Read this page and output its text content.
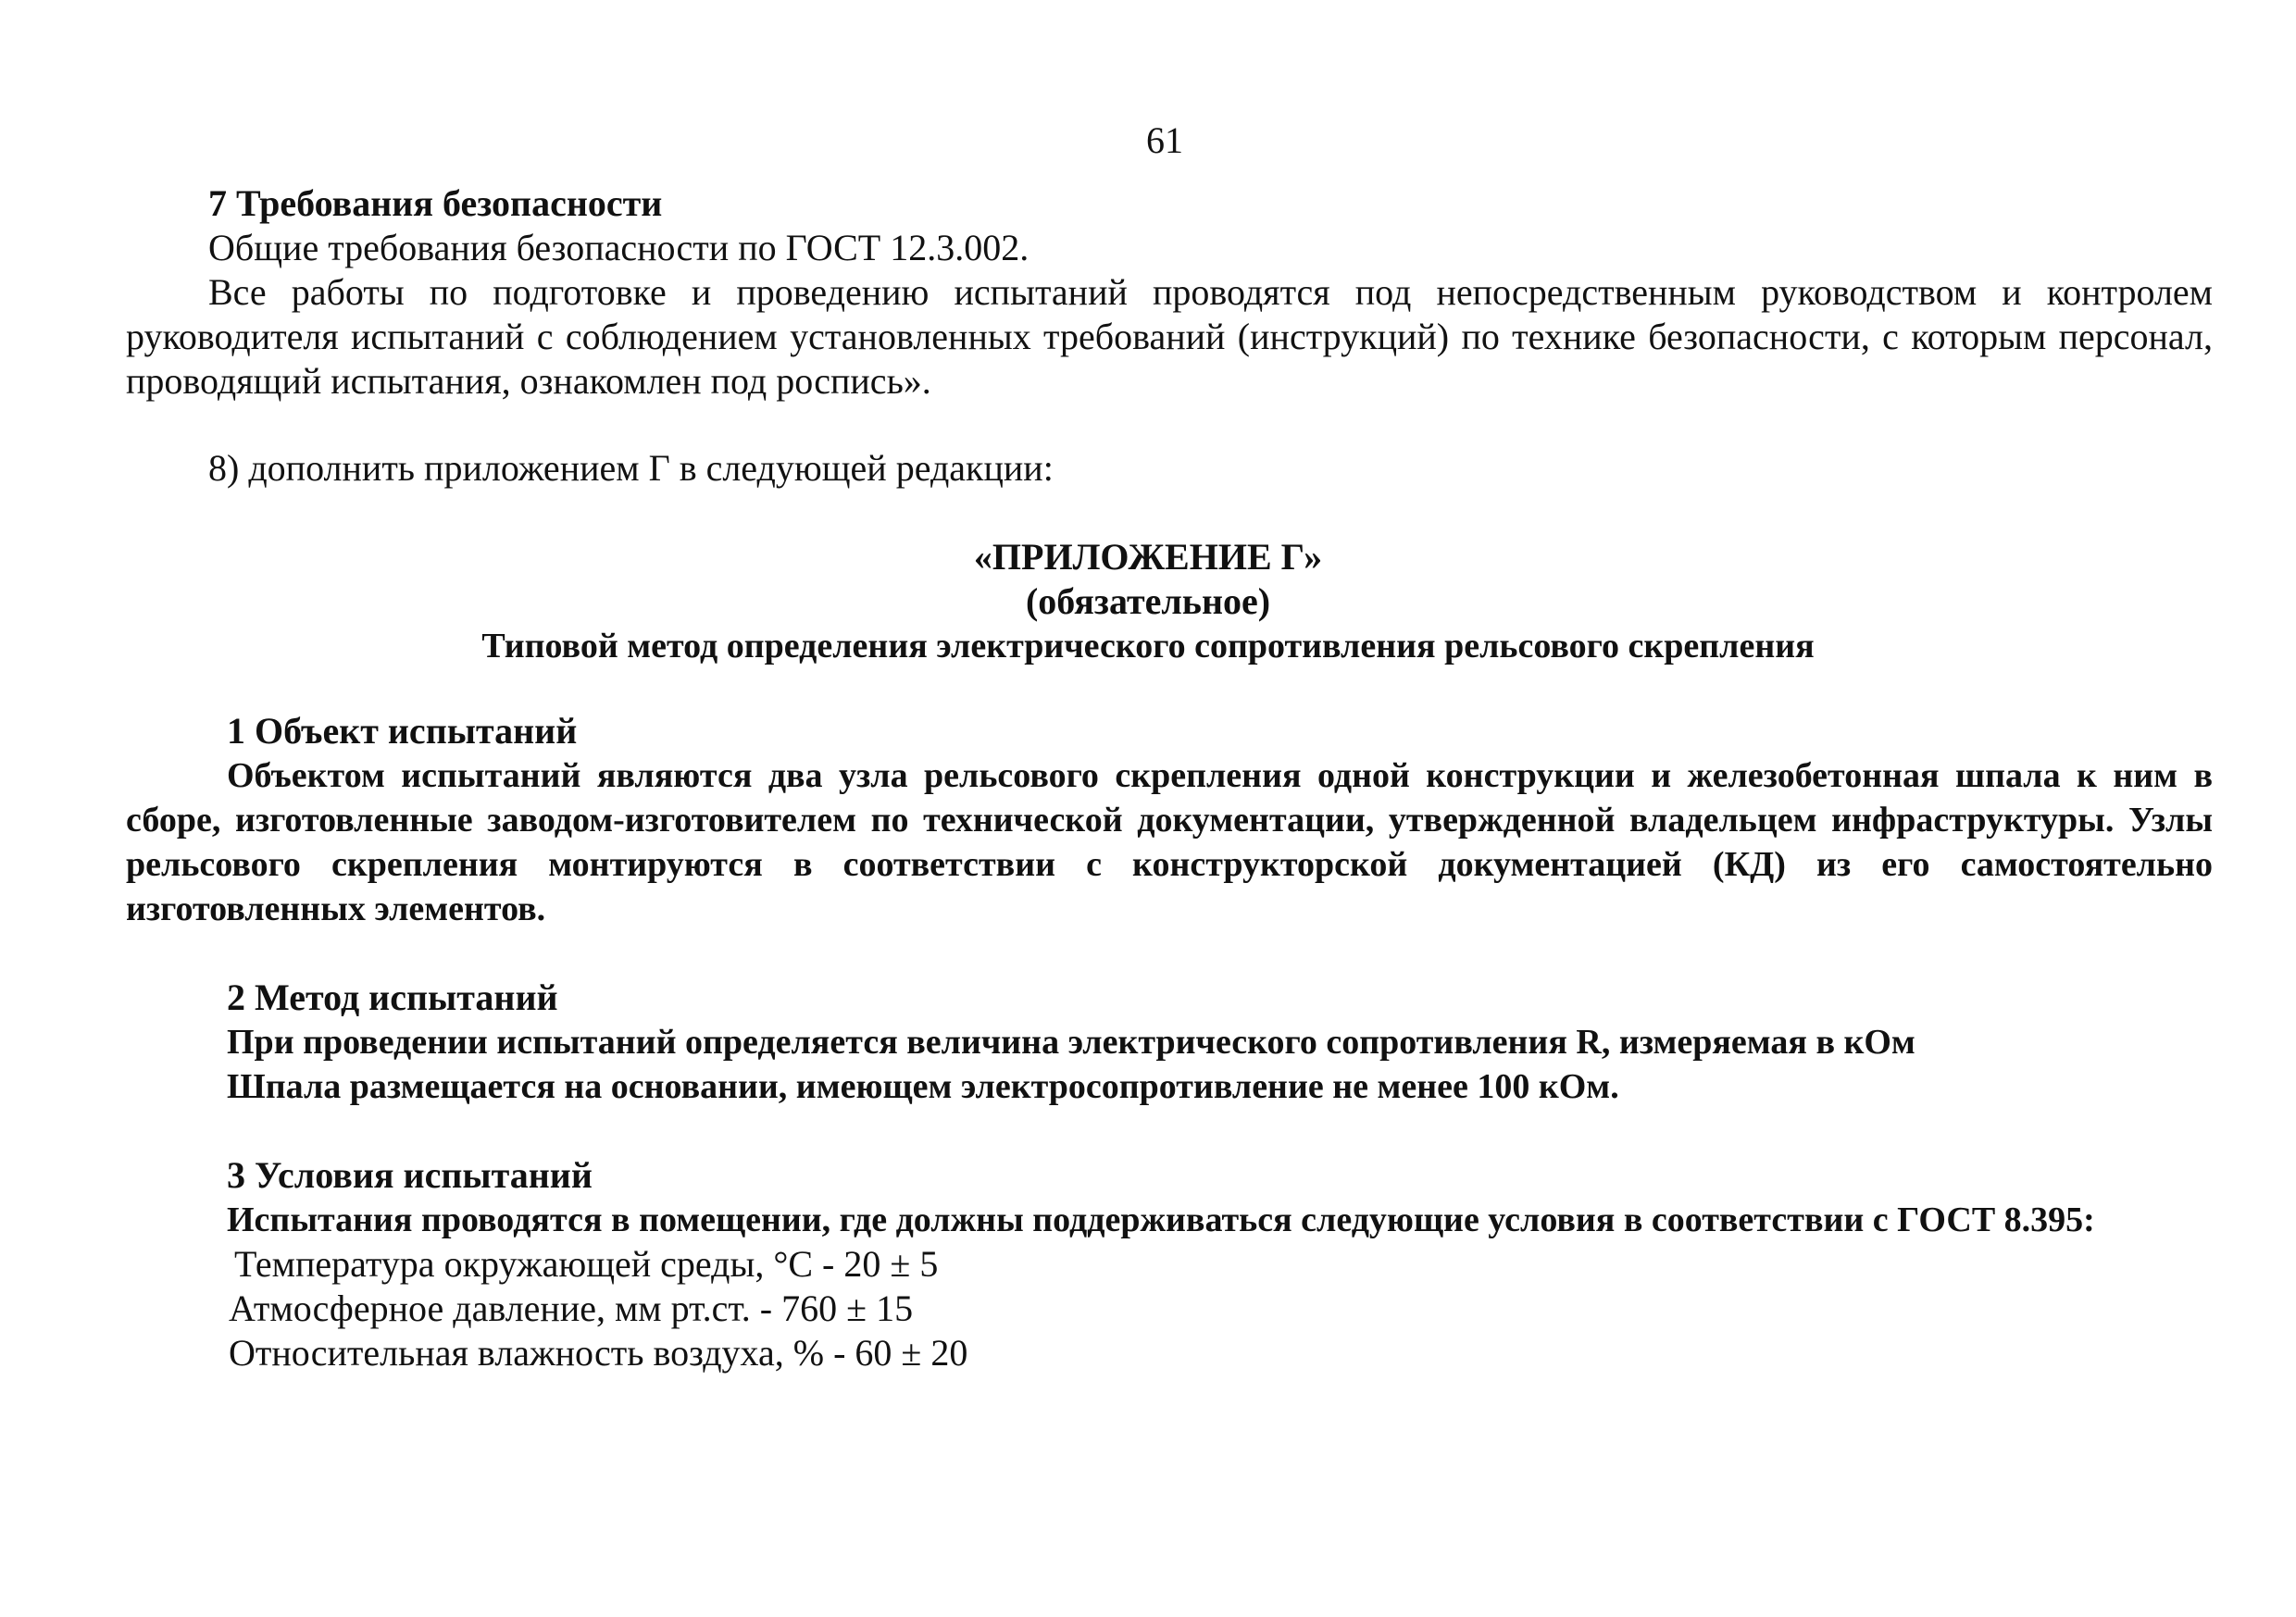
61
7 Требования безопасности
Общие требования безопасности по ГОСТ 12.3.002.
Все работы по подготовке и проведению испытаний проводятся под непосредственным руководством и контролем руководителя испытаний с соблюдением установленных требований (инструкций) по технике безопасности, с которым персонал, проводящий испытания, ознакомлен под роспись».
8) дополнить приложением Г в следующей редакции:
«ПРИЛОЖЕНИЕ Г»
(обязательное)
Типовой метод определения электрического сопротивления рельсового скрепления
1 Объект испытаний
Объектом испытаний являются два узла рельсового скрепления одной конструкции и железобетонная шпала к ним в сборе, изготовленные заводом-изготовителем по технической документации, утвержденной владельцем инфраструктуры. Узлы рельсового скрепления монтируются в соответствии с конструкторской документацией (КД) из его самостоятельно изготовленных элементов.
2 Метод испытаний
При проведении испытаний определяется величина электрического сопротивления R, измеряемая в кОм
Шпала размещается на основании, имеющем электросопротивление не менее 100 кОм.
3 Условия испытаний
Испытания проводятся в помещении, где должны поддерживаться следующие условия в соответствии с ГОСТ 8.395:
Температура окружающей среды, °С - 20 ± 5
Атмосферное давление, мм рт.ст. - 760 ± 15
Относительная влажность воздуха, % - 60 ± 20
